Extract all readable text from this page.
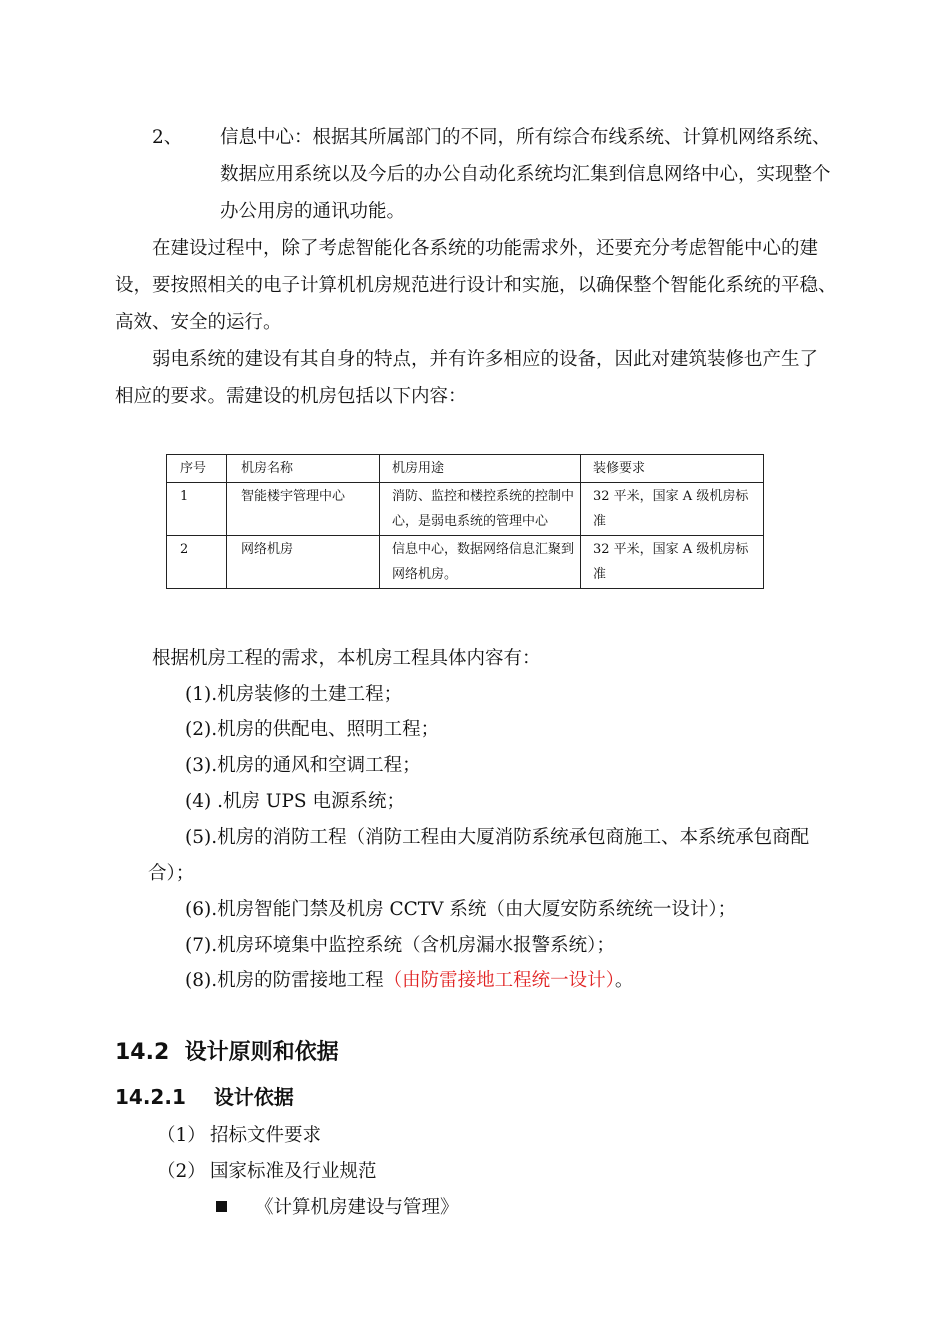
2、 信息中心：根据其所属部门的不同，所有综合布线系统、计算机网络系统、
数据应用系统以及今后的办公自动化系统均汇集到信息网络中心，实现整个
办公用房的通讯功能。
在建设过程中，除了考虑智能化各系统的功能需求外，还要充分考虑智能中心的建
设，要按照相关的电子计算机机房规范进行设计和实施，以确保整个智能化系统的平稳、
高效、安全的运行。
弱电系统的建设有其自身的特点，并有许多相应的设备，因此对建筑装修也产生了
相应的要求。需建设的机房包括以下内容：
序号	机房名称	机房用途	装修要求
1	智能楼宇管理中心	消防、监控和楼控系统的控制中心，是弱电系统的管理中心	32 平米，国家 A 级机房标准

2	网络机房	信息中心，数据网络信息汇聚到网络机房。	32 平米，国家 A 级机房标准
根据机房工程的需求，本机房工程具体内容有：
(1).机房装修的土建工程；
(2).机房的供配电、照明工程；
(3).机房的通风和空调工程；
(4) .机房 UPS 电源系统；
(5).机房的消防工程（消防工程由大厦消防系统承包商施工、本系统承包商配
合）；
(6).机房智能门禁及机房 CCTV 系统（由大厦安防系统统一设计）；
(7).机房环境集中监控系统（含机房漏水报警系统）；
(8).机房的防雷接地工程（由防雷接地工程统一设计）。
14.2 设计原则和依据
14.2.1 设计依据
（1） 招标文件要求
（2） 国家标准及行业规范
《计算机房建设与管理》
